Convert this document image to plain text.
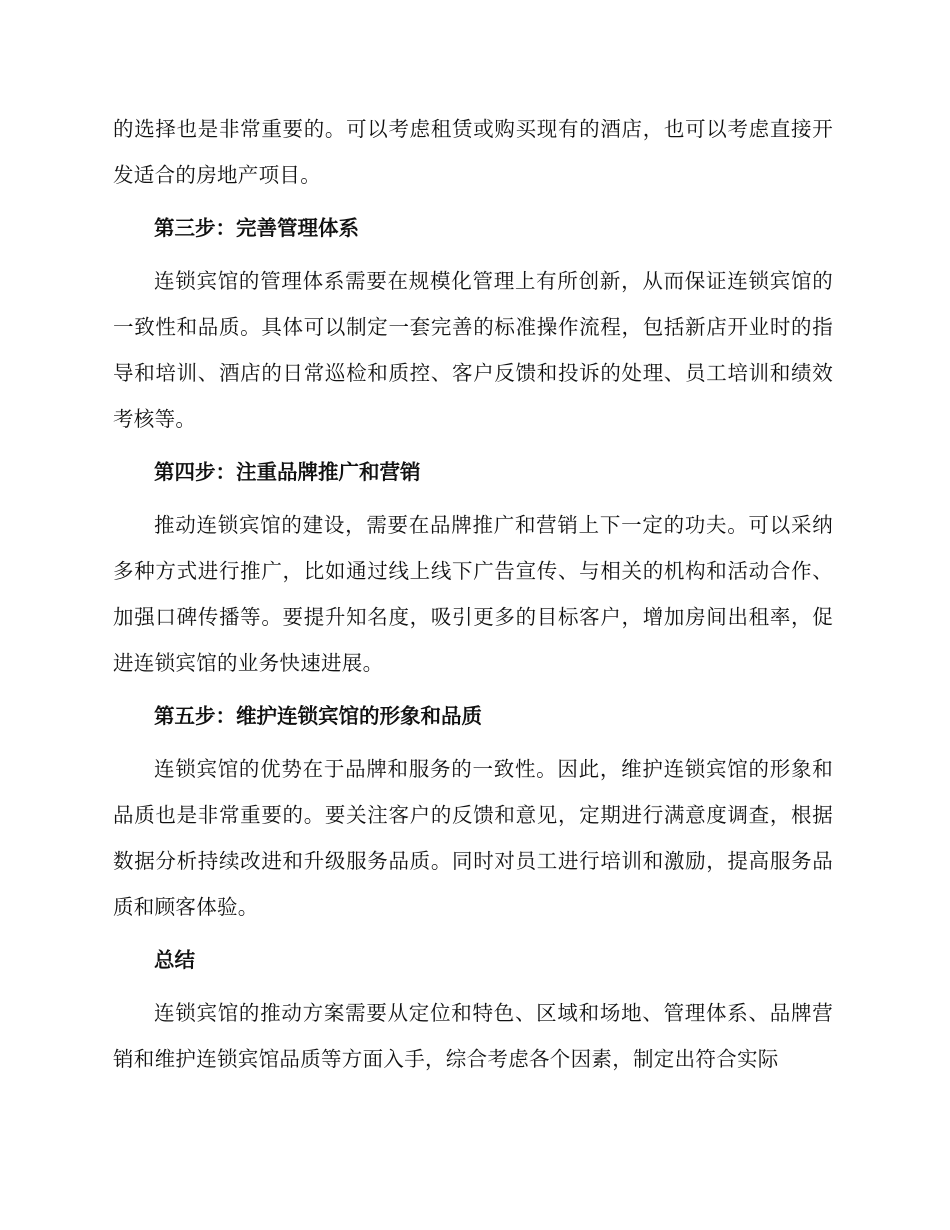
的选择也是非常重要的。可以考虑租赁或购买现有的酒店，也可以考虑直接开发适合的房地产项目。

第三步：完善管理体系

连锁宾馆的管理体系需要在规模化管理上有所创新，从而保证连锁宾馆的一致性和品质。具体可以制定一套完善的标准操作流程，包括新店开业时的指导和培训、酒店的日常巡检和质控、客户反馈和投诉的处理、员工培训和绩效考核等。

第四步：注重品牌推广和营销

推动连锁宾馆的建设，需要在品牌推广和营销上下一定的功夫。可以采纳多种方式进行推广，比如通过线上线下广告宣传、与相关的机构和活动合作、加强口碑传播等。要提升知名度，吸引更多的目标客户，增加房间出租率，促进连锁宾馆的业务快速进展。

第五步：维护连锁宾馆的形象和品质

连锁宾馆的优势在于品牌和服务的一致性。因此，维护连锁宾馆的形象和品质也是非常重要的。要关注客户的反馈和意见，定期进行满意度调查，根据数据分析持续改进和升级服务品质。同时对员工进行培训和激励，提高服务品质和顾客体验。

总结

连锁宾馆的推动方案需要从定位和特色、区域和场地、管理体系、品牌营销和维护连锁宾馆品质等方面入手，综合考虑各个因素，制定出符合实际
